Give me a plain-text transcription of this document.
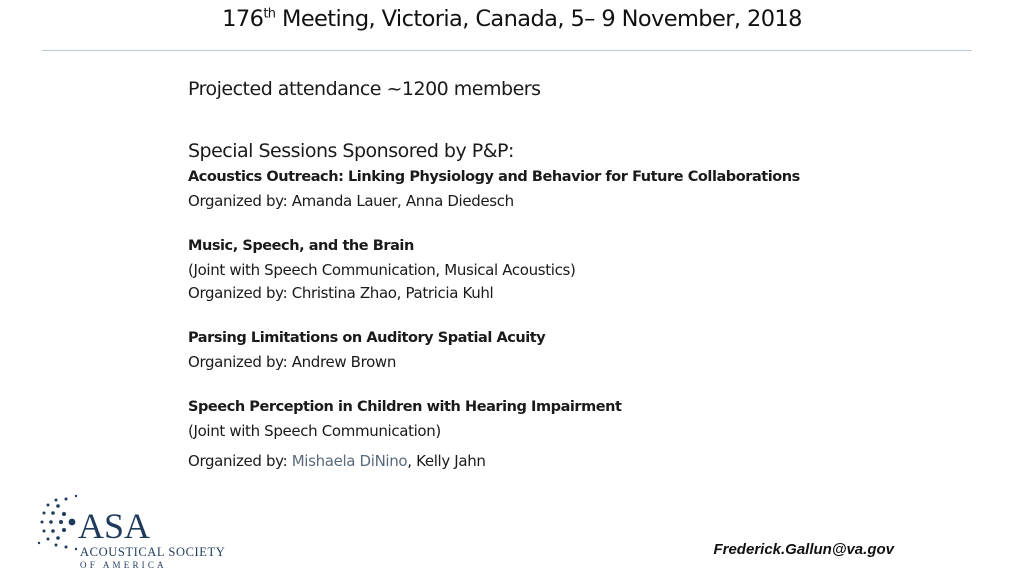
176th Meeting, Victoria, Canada, 5– 9 November, 2018
Projected attendance ~1200 members
Special Sessions Sponsored by P&P:
Acoustics Outreach: Linking Physiology and Behavior for Future Collaborations
Organized by: Amanda Lauer, Anna Diedesch
Music, Speech, and the Brain
(Joint with Speech Communication, Musical Acoustics)
Organized by: Christina Zhao, Patricia Kuhl
Parsing Limitations on Auditory Spatial Acuity
Organized by: Andrew Brown
Speech Perception in Children with Hearing Impairment
(Joint with Speech Communication)
Organized by: Mishaela DiNino, Kelly Jahn
ASA
ACOUSTICAL SOCIETY
OF AMERICA
Frederick.Gallun@va.gov
